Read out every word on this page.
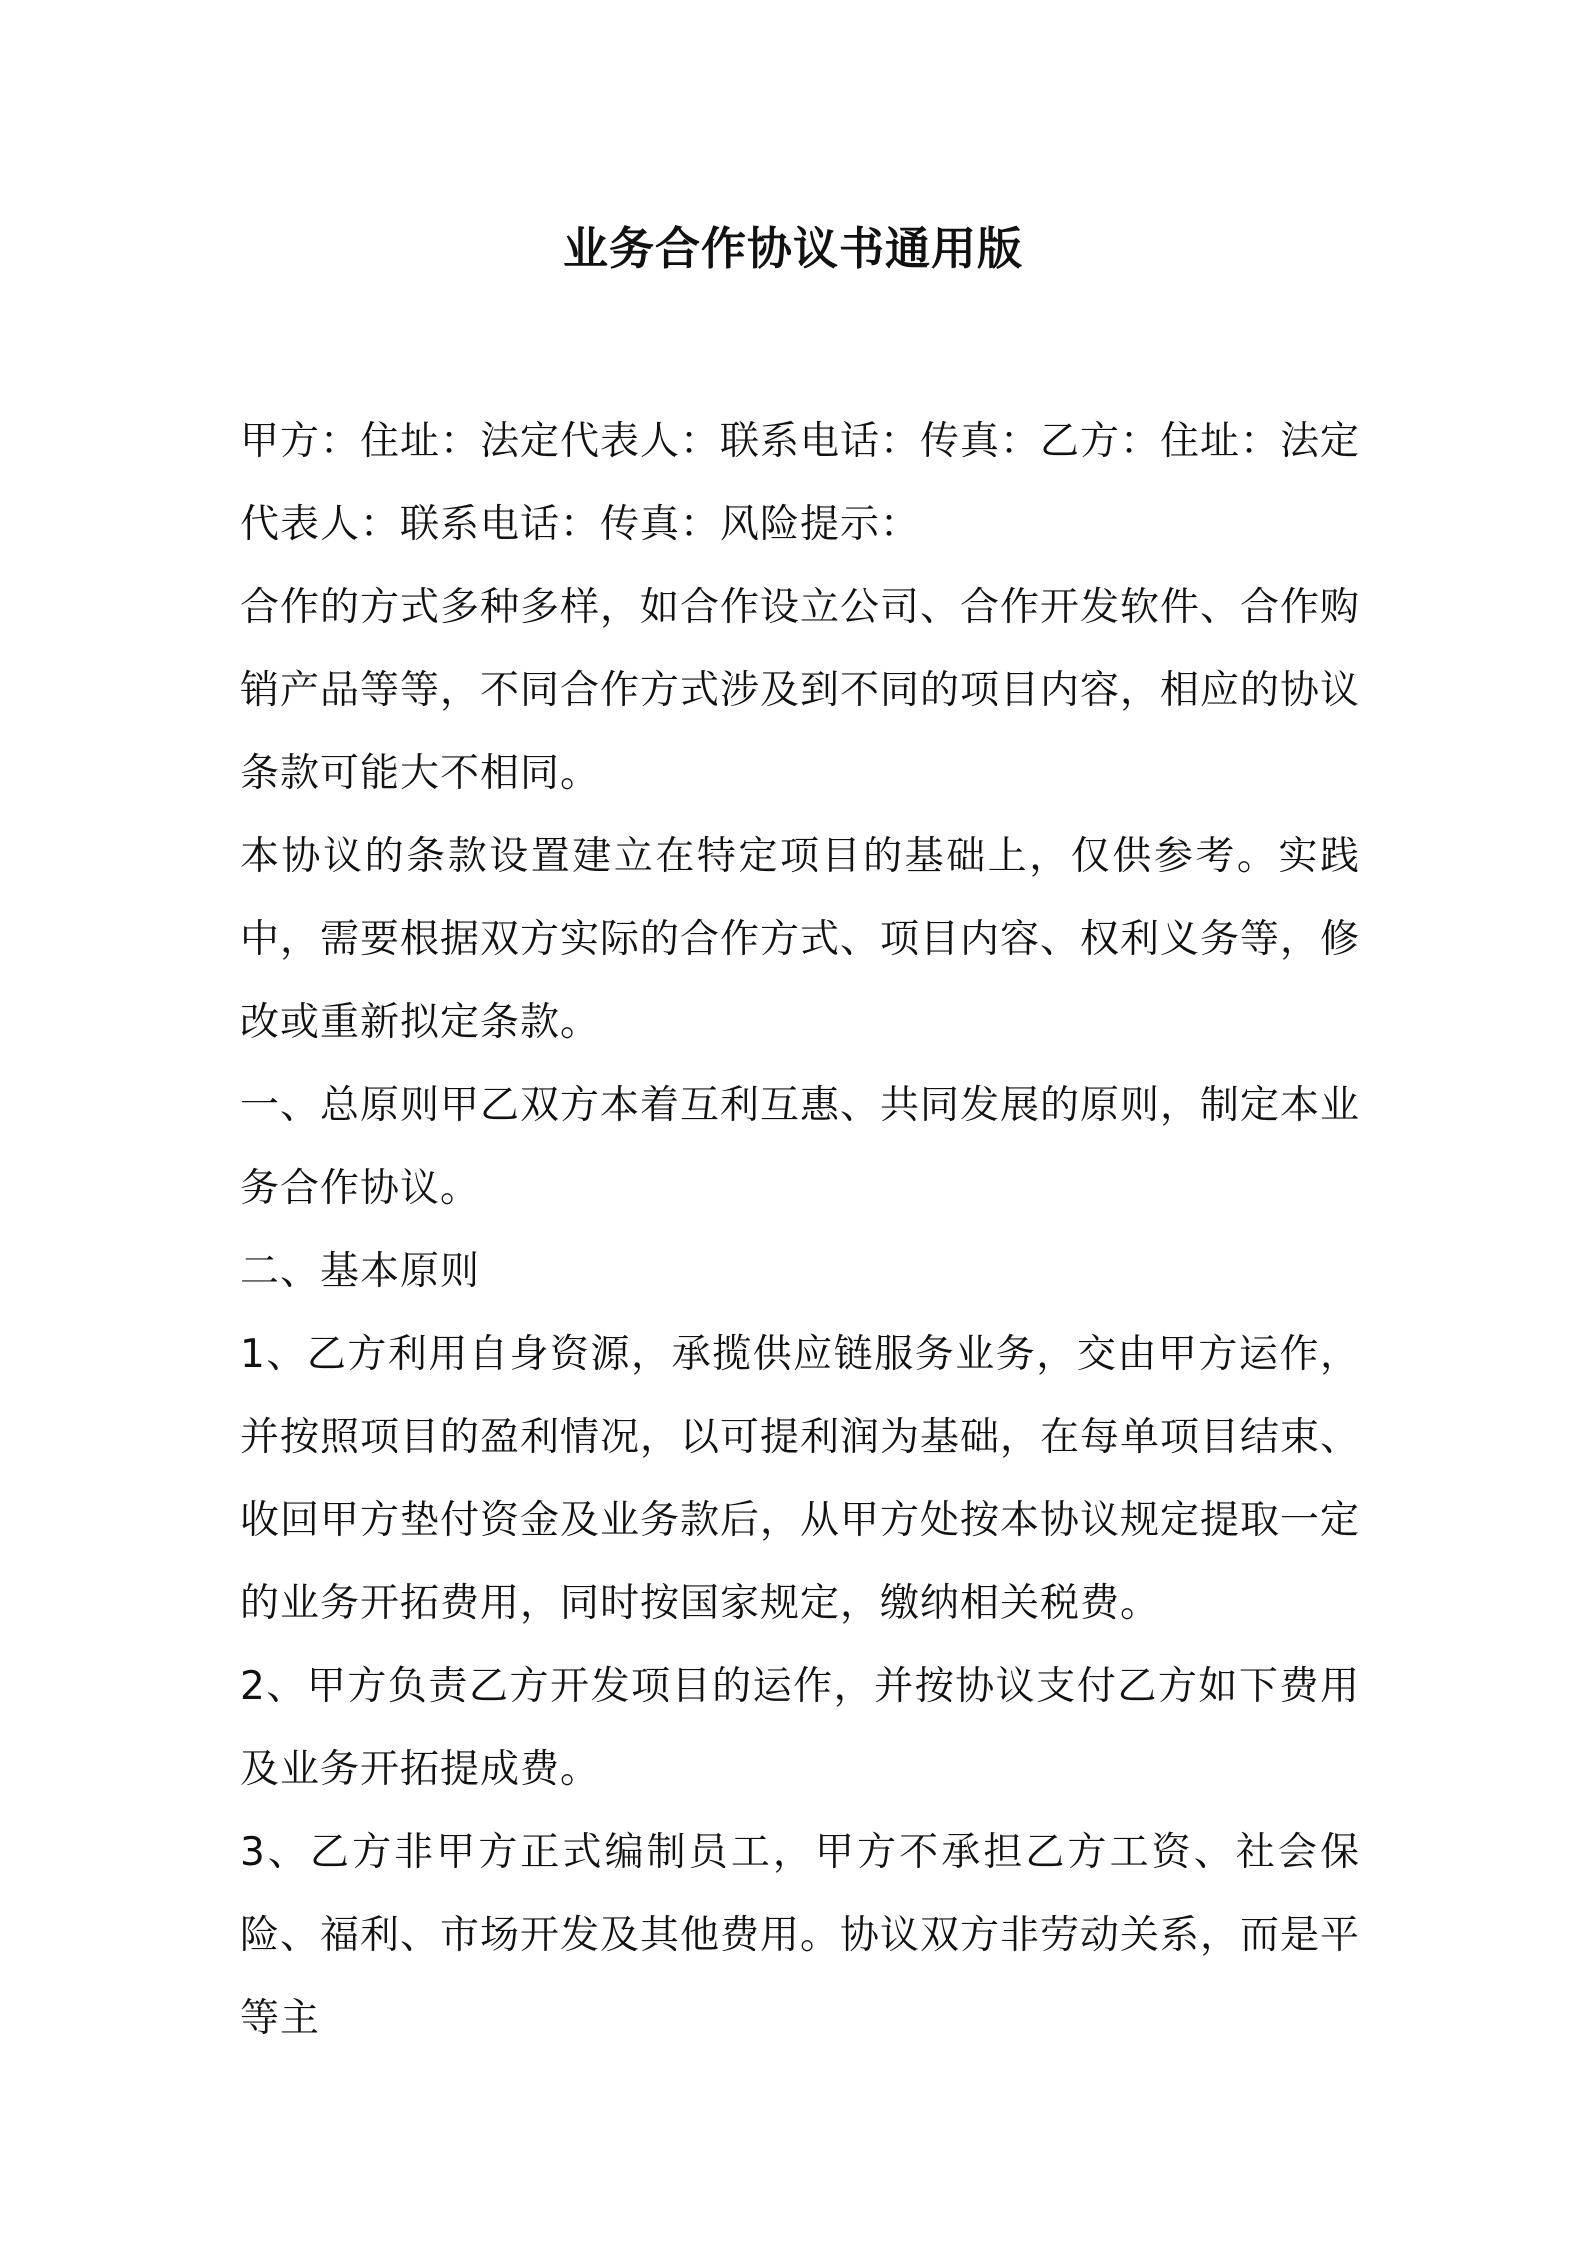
业务合作协议书通用版

甲方：住址：法定代表人：联系电话：传真：乙方：住址：法定代表人：联系电话：传真：风险提示：

合作的方式多种多样，如合作设立公司、合作开发软件、合作购销产品等等，不同合作方式涉及到不同的项目内容，相应的协议条款可能大不相同。

本协议的条款设置建立在特定项目的基础上，仅供参考。实践中，需要根据双方实际的合作方式、项目内容、权利义务等，修改或重新拟定条款。

一、总原则甲乙双方本着互利互惠、共同发展的原则，制定本业务合作协议。

二、基本原则

1、乙方利用自身资源，承揽供应链服务业务，交由甲方运作，并按照项目的盈利情况，以可提利润为基础，在每单项目结束、收回甲方垫付资金及业务款后，从甲方处按本协议规定提取一定的业务开拓费用，同时按国家规定，缴纳相关税费。

2、甲方负责乙方开发项目的运作，并按协议支付乙方如下费用及业务开拓提成费。

3、乙方非甲方正式编制员工，甲方不承担乙方工资、社会保险、福利、市场开发及其他费用。协议双方非劳动关系，而是平等主
